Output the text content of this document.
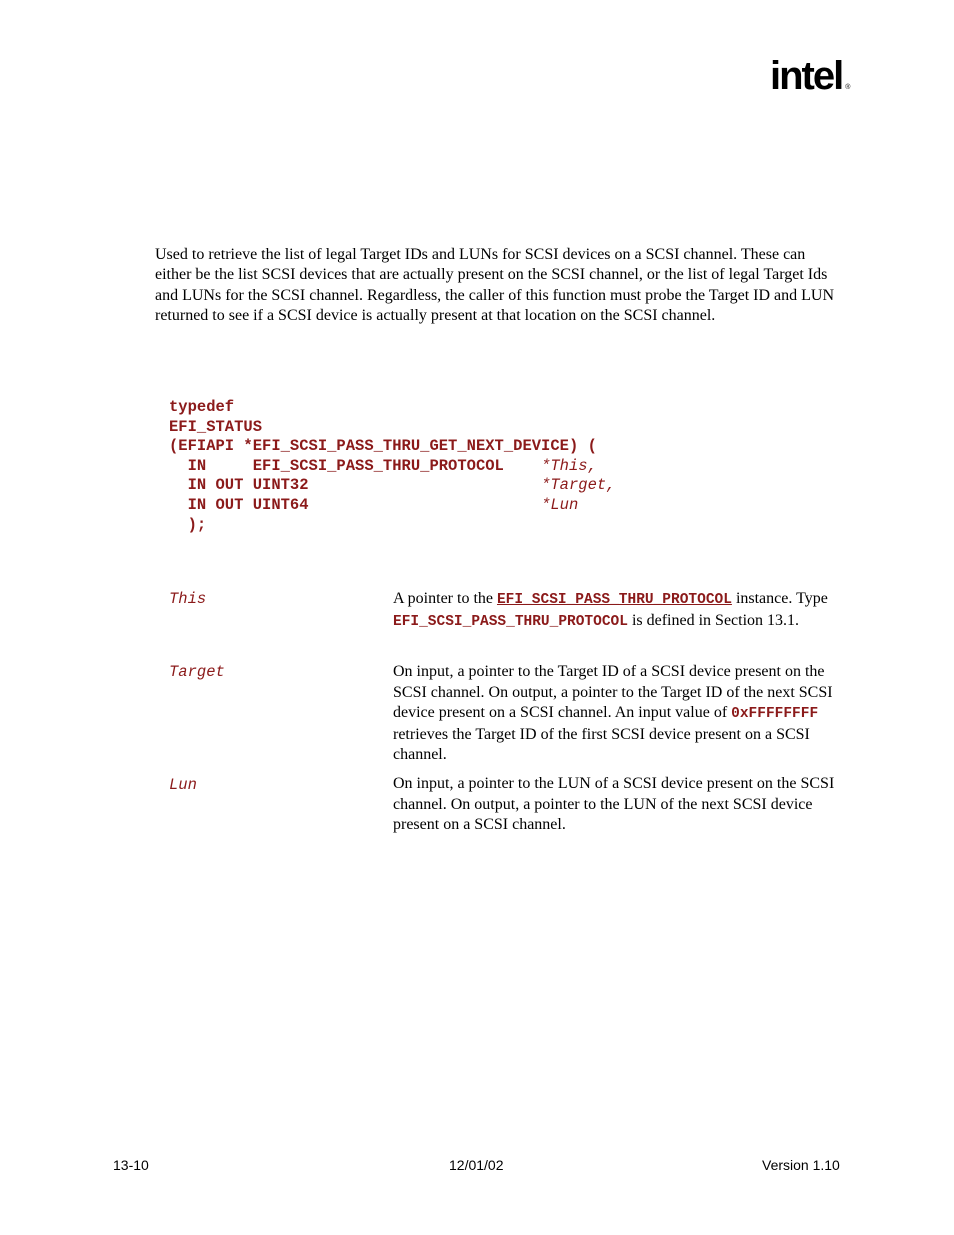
intel ®

Used to retrieve the list of legal Target IDs and LUNs for SCSI devices on a SCSI channel. These can either be the list SCSI devices that are actually present on the SCSI channel, or the list of legal Target Ids and LUNs for the SCSI channel. Regardless, the caller of this function must probe the Target ID and LUN returned to see if a SCSI device is actually present at that location on the SCSI channel.

typedef
EFI_STATUS
(EFIAPI *EFI_SCSI_PASS_THRU_GET_NEXT_DEVICE) (
IN     EFI_SCSI_PASS_THRU_PROTOCOL    *This,
IN OUT UINT32                         *Target,
IN OUT UINT64                         *Lun
);
This	A pointer to the EFI_SCSI_PASS_THRU_PROTOCOL instance. Type EFI_SCSI_PASS_THRU_PROTOCOL is defined in Section 13.1.
Target	On input, a pointer to the Target ID of a SCSI device present on the SCSI channel. On output, a pointer to the Target ID of the next SCSI device present on a SCSI channel. An input value of 0xFFFFFFFF retrieves the Target ID of the first SCSI device present on a SCSI channel.
Lun	On input, a pointer to the LUN of a SCSI device present on the SCSI channel. On output, a pointer to the LUN of the next SCSI device present on a SCSI channel.
13-10	12/01/02	Version 1.10
